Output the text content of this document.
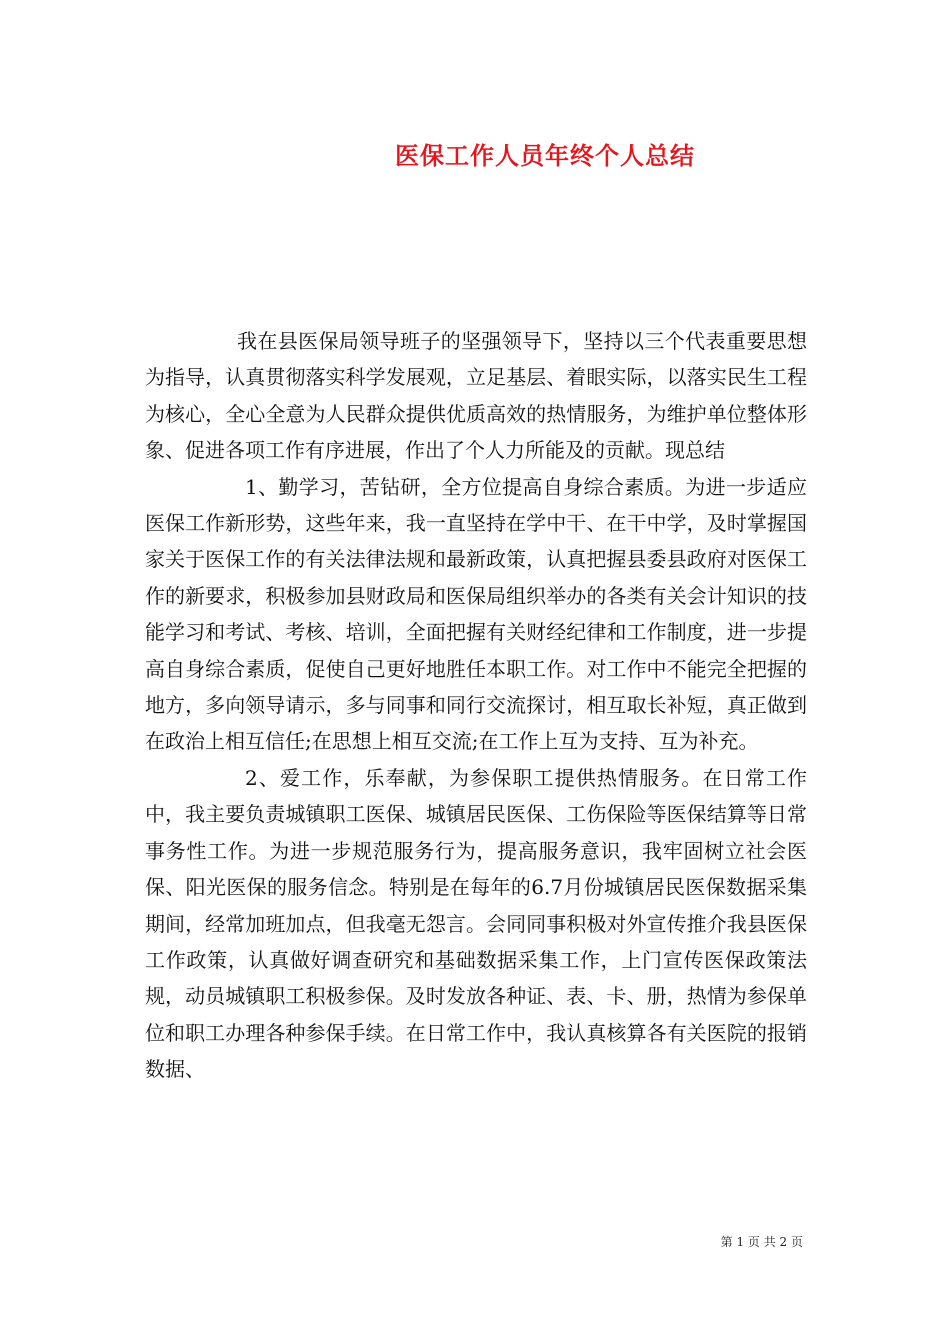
医保工作人员年终个人总结

我在县医保局领导班子的坚强领导下，坚持以三个代表重要思想为指导，认真贯彻落实科学发展观，立足基层、着眼实际，以落实民生工程为核心，全心全意为人民群众提供优质高效的热情服务，为维护单位整体形象、促进各项工作有序进展，作出了个人力所能及的贡献。现总结

1、勤学习，苦钻研，全方位提高自身综合素质。为进一步适应医保工作新形势，这些年来，我一直坚持在学中干、在干中学，及时掌握国家关于医保工作的有关法律法规和最新政策，认真把握县委县政府对医保工作的新要求，积极参加县财政局和医保局组织举办的各类有关会计知识的技能学习和考试、考核、培训，全面把握有关财经纪律和工作制度，进一步提高自身综合素质，促使自己更好地胜任本职工作。对工作中不能完全把握的地方，多向领导请示，多与同事和同行交流探讨，相互取长补短，真正做到在政治上相互信任;在思想上相互交流;在工作上互为支持、互为补充。

2、爱工作，乐奉献，为参保职工提供热情服务。在日常工作中，我主要负责城镇职工医保、城镇居民医保、工伤保险等医保结算等日常事务性工作。为进一步规范服务行为，提高服务意识，我牢固树立社会医保、阳光医保的服务信念。特别是在每年的6.7月份城镇居民医保数据采集期间，经常加班加点，但我毫无怨言。会同同事积极对外宣传推介我县医保工作政策，认真做好调查研究和基础数据采集工作，上门宣传医保政策法规，动员城镇职工积极参保。及时发放各种证、表、卡、册，热情为参保单位和职工办理各种参保手续。在日常工作中，我认真核算各有关医院的报销数据、

第 1 页 共 2 页
